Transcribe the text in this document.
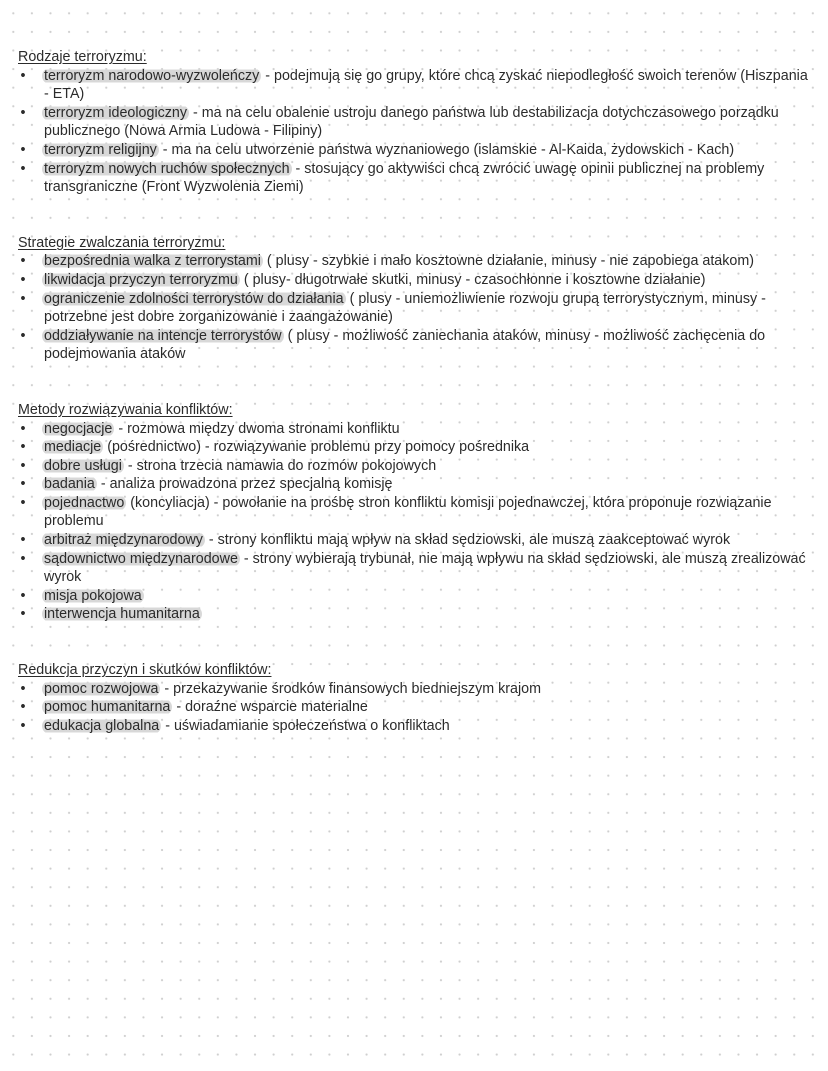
Rodzaje terroryzmu:
• terroryzm narodowo-wyzwoleńczy - podejmują się go grupy, które chcą zyskać niepodległość swoich terenów (Hiszpania - ETA)
• terroryzm ideologiczny - ma na celu obalenie ustroju danego państwa lub destabilizacja dotychczasowego porządku publicznego (Nowa Armia Ludowa - Filipiny)
• terroryzm religijny - ma na celu utworzenie państwa wyznaniowego (islamskie - Al-Kaida, żydowskich - Kach)
• terroryzm nowych ruchów społecznych - stosujący go aktywiści chcą zwrócić uwagę opinii publicznej na problemy transgraniczne (Front Wyzwolenia Ziemi)
Strategie zwalczania terroryzmu:
• bezpośrednia walka z terrorystami ( plusy - szybkie i mało kosztowne działanie, minusy - nie zapobiega atakom)
• likwidacja przyczyn terroryzmu ( plusy- długotrwałe skutki, minusy - czasochłonne i kosztowne działanie)
• ograniczenie zdolności terrorystów do działania ( plusy - uniemożliwienie rozwoju grupą terrorystycznym, minusy - potrzebne jest dobre zorganizowanie i zaangażowanie)
• oddziaływanie na intencje terrorystów ( plusy - możliwość zaniechania ataków, minusy - możliwość zachęcenia do podejmowania ataków
Metody rozwiązywania konfliktów:
• negocjacje - rozmowa między dwoma stronami konfliktu
• mediacje (pośrednictwo) - rozwiązywanie problemu przy pomocy pośrednika
• dobre usługi - strona trzecia namawia do rozmów pokojowych
• badania - analiza prowadzona przez specjalną komisję
• pojednactwo (koncyliacja) - powołanie na prośbę stron konfliktu komisji pojednawczej, która proponuje rozwiązanie problemu
• arbitraż międzynarodowy - strony konfliktu mają wpływ na skład sędziowski, ale muszą zaakceptować wyrok
• sądownictwo międzynarodowe - strony wybierają trybunał, nie mają wpływu na skład sędziowski, ale muszą zrealizować wyrok
• misja pokojowa
• interwencja humanitarna
Redukcja przyczyn i skutków konfliktów:
• pomoc rozwojowa - przekazywanie środków finansowych biedniejszym krajom
• pomoc humanitarna - doraźne wsparcie materialne
• edukacja globalna - uświadamianie społeczeństwa o konfliktach
